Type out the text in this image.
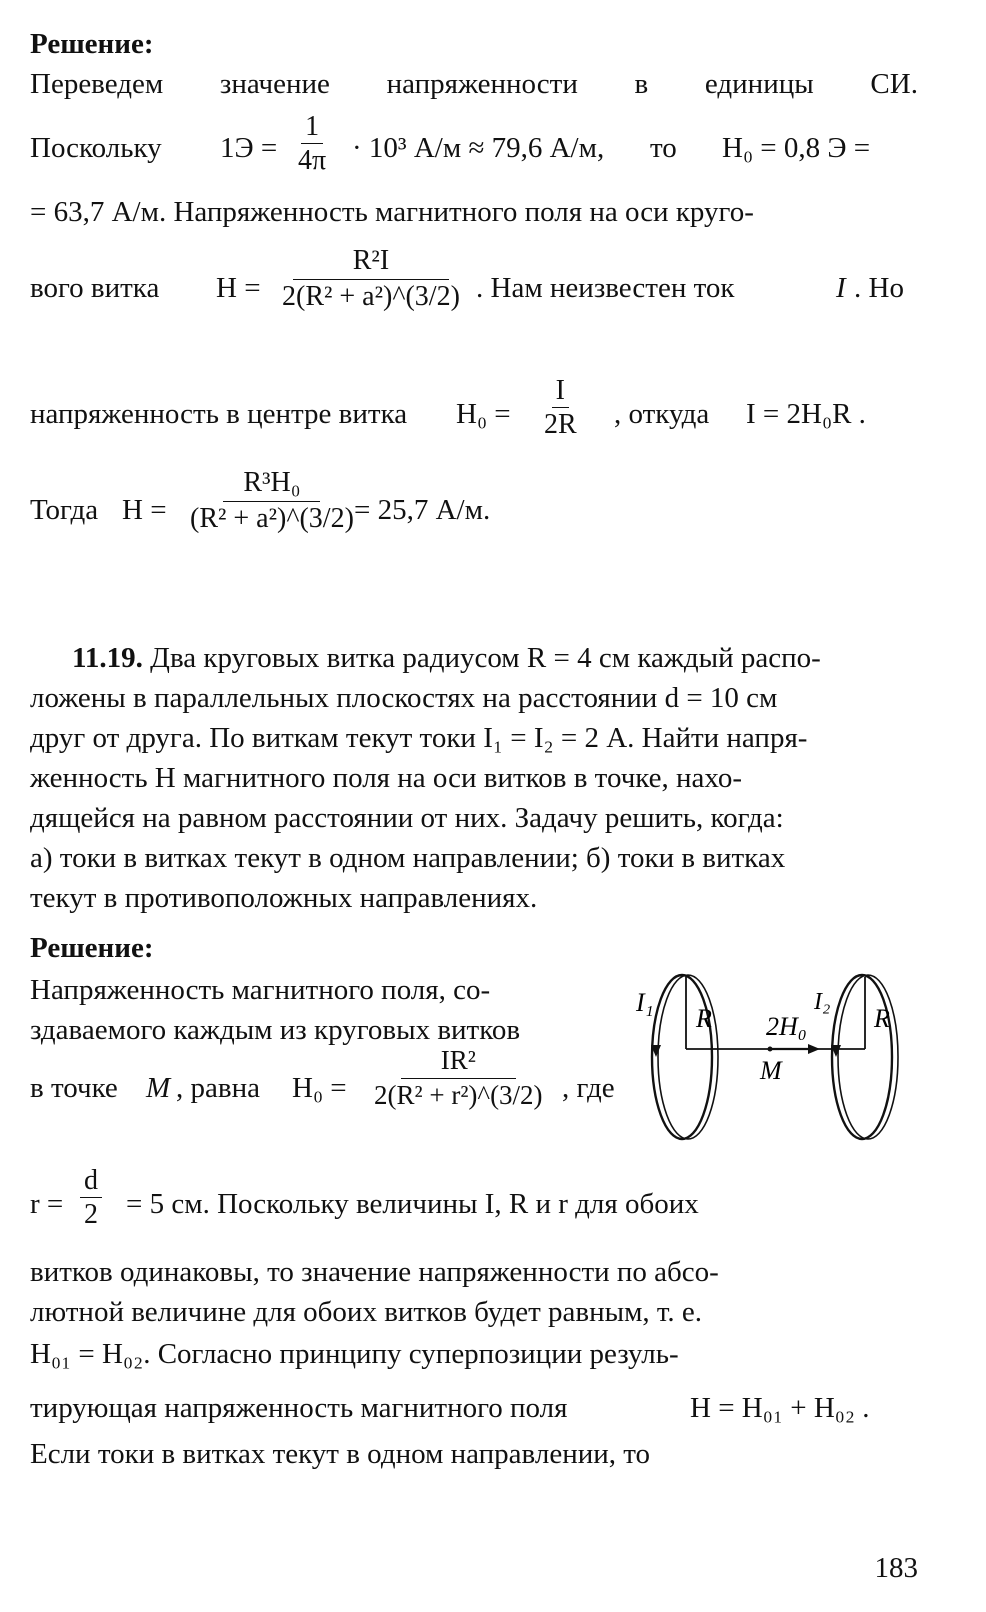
Решение:
Переведем значение напряженности в единицы СИ.
Поскольку $1Э = \frac{1}{4\pi} \cdot 10^3$ А/м ≈ 79,6 А/м, то H₀ = 0,8 Э =
= 63,7 А/м. Напряженность магнитного поля на оси круго-
вого витка $H = \frac{\text{R²I}}{\text{2(R² + a²)\textasciicircum{}(3/2)}}$ . Нам неизвестен ток	I . Но
напряженность в центре витка $H_0 = \frac{I}{2R}$ , откуда I = 2H₀R .
Тогда $H = \frac{\text{R³H₀}}{\text{(R² + a²)\textasciicircum{}(3/2)}}$
= 25,7 А/м.
11.19. Два круговых витка радиусом R = 4 см каждый распо-
ложены в параллельных плоскостях на расстоянии d = 10 см
друг от друга. По виткам текут токи I₁ = I₂ = 2 А. Найти напря-
женность H магнитного поля на оси витков в точке, нахо-
дящейся на равном расстоянии от них. Задачу решить, когда:
а) токи в витках текут в одном направлении; б) токи в витках
текут в противоположных направлениях.
Решение:
Напряженность магнитного поля, со-
здаваемого каждым из круговых витков
в точке M , равна $H_0 = \frac{\text{IR²}}{\text{2(R² + r²)\textasciicircum{}(3/2)}}$ , где
$r = \frac{d}{2} = 5$ см. Поскольку величины I, R и r для обоих
витков одинаковы, то значение напряженности по абсо-
лютной величине для обоих витков будет равным, т. е.
H₀₁ = H₀₂. Согласно принципу суперпозиции резуль-
тирующая напряженность магнитного поля	H = H₀₁ + H₀₂ .
Если токи в витках текут в одном направлении, то
I₁
R 2H₀
I₂
R
M
183
